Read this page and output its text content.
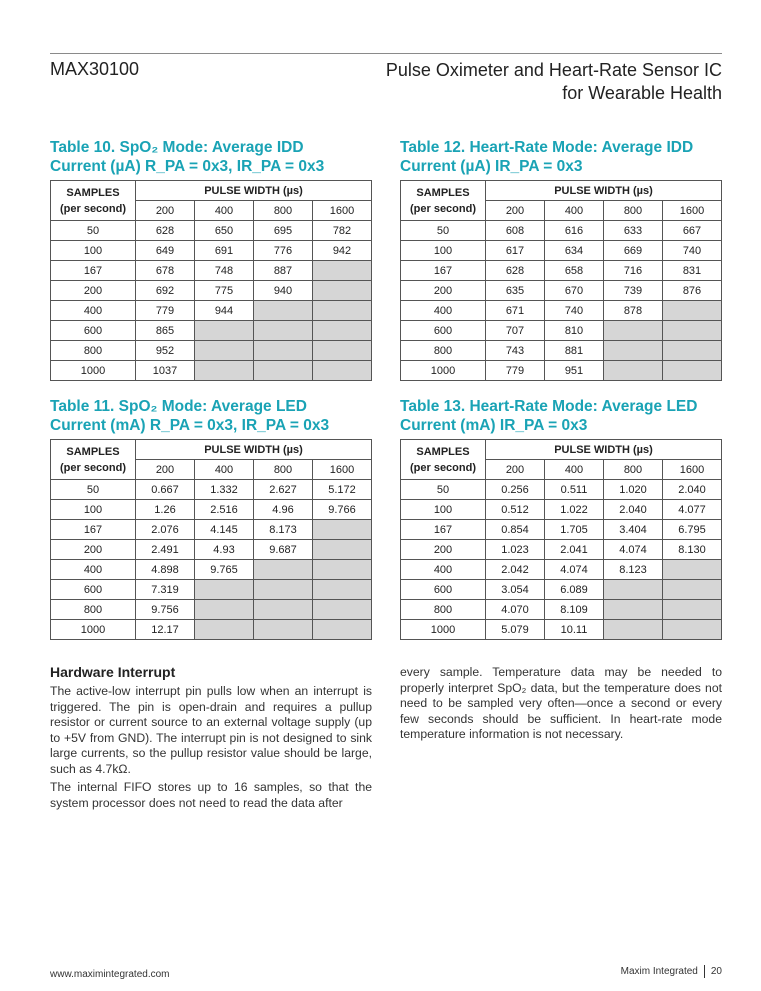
MAX30100	Pulse Oximeter and Heart-Rate Sensor IC
for Wearable Health
Table 10. SpO₂ Mode: Average IDD
Current (µA) R_PA = 0x3, IR_PA = 0x3
SAMPLES
(per second)	PULSE WIDTH (µs)			
	200	400	800	1600
50	628	650	695	782
100	649	691	776	942
167	678	748	887	
200	692	775	940	
400	779	944		
600	865			
800	952			
1000	1037			
Table 12. Heart-Rate Mode: Average IDD
Current (µA) IR_PA = 0x3
SAMPLES
(per second)	PULSE WIDTH (µs)			
	200	400	800	1600
50	608	616	633	667
100	617	634	669	740
167	628	658	716	831
200	635	670	739	876
400	671	740	878	
600	707	810		
800	743	881		
1000	779	951		
Table 11. SpO₂ Mode: Average LED
Current (mA) R_PA = 0x3, IR_PA = 0x3
SAMPLES
(per second)	PULSE WIDTH (µs)			
	200	400	800	1600
50	0.667	1.332	2.627	5.172
100	1.26	2.516	4.96	9.766
167	2.076	4.145	8.173	
200	2.491	4.93	9.687	
400	4.898	9.765		
600	7.319			
800	9.756			
1000	12.17			
Table 13. Heart-Rate Mode: Average LED
Current (mA) IR_PA = 0x3
SAMPLES
(per second)	PULSE WIDTH (µs)			
	200	400	800	1600
50	0.256	0.511	1.020	2.040
100	0.512	1.022	2.040	4.077
167	0.854	1.705	3.404	6.795
200	1.023	2.041	4.074	8.130
400	2.042	4.074	8.123	
600	3.054	6.089		
800	4.070	8.109		
1000	5.079	10.11		
Hardware Interrupt
The active-low interrupt pin pulls low when an interrupt is triggered. The pin is open-drain and requires a pullup resistor or current source to an external voltage supply (up to +5V from GND). The interrupt pin is not designed to sink large currents, so the pullup resistor value should be large, such as 4.7kΩ.
The internal FIFO stores up to 16 samples, so that the system processor does not need to read the data after
every sample. Temperature data may be needed to properly interpret SpO₂ data, but the temperature does not need to be sampled very often—once a second or every few seconds should be sufficient. In heart-rate mode temperature information is not necessary.
www.maximintegrated.com	Maxim Integrated 20
